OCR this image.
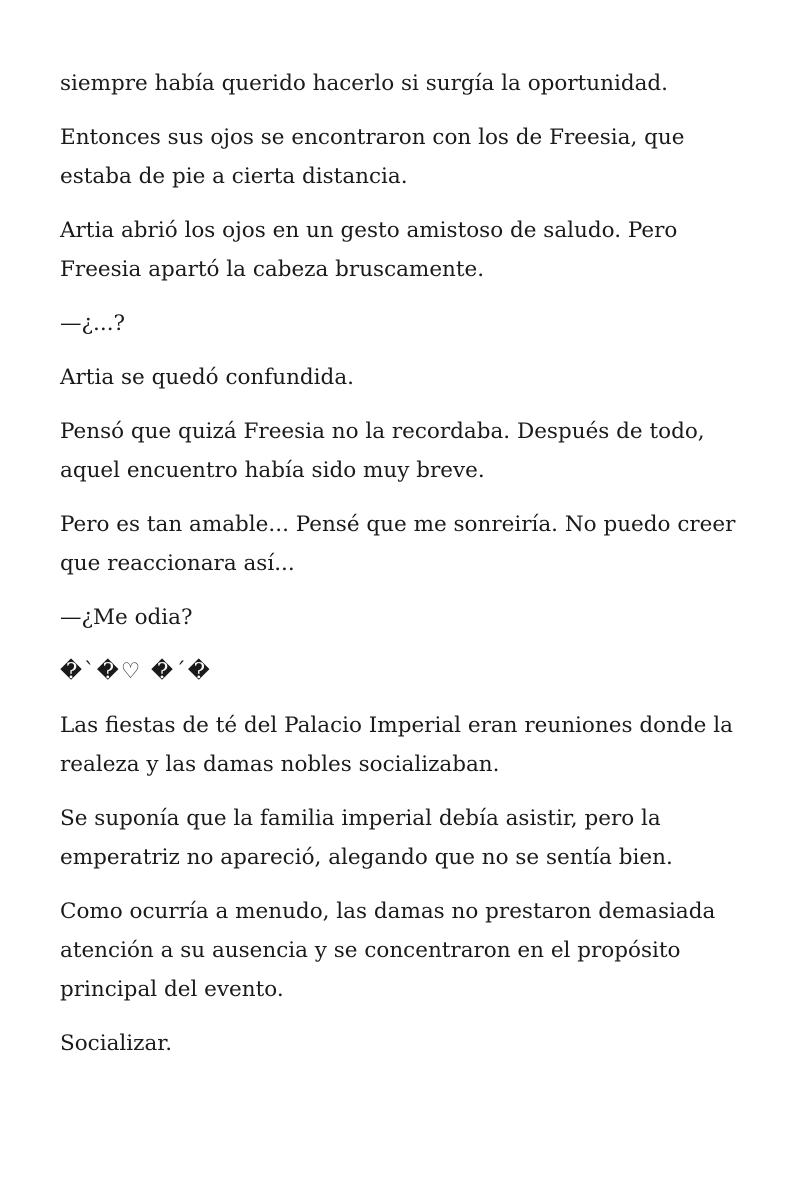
siempre había querido hacerlo si surgía la oportunidad.

Entonces sus ojos se encontraron con los de Freesia, que estaba de pie a cierta distancia.

Artia abrió los ojos en un gesto amistoso de saludo. Pero Freesia apartó la cabeza bruscamente.

—¿...?

Artia se quedó confundida.

Pensó que quizá Freesia no la recordaba. Después de todo, aquel encuentro había sido muy breve.

Pero es tan amable... Pensé que me sonreiría. No puedo creer que reaccionara así...

—¿Me odia?

�`�♡ �´�

Las fiestas de té del Palacio Imperial eran reuniones donde la realeza y las damas nobles socializaban.

Se suponía que la familia imperial debía asistir, pero la emperatriz no apareció, alegando que no se sentía bien.

Como ocurría a menudo, las damas no prestaron demasiada atención a su ausencia y se concentraron en el propósito principal del evento.

Socializar.
